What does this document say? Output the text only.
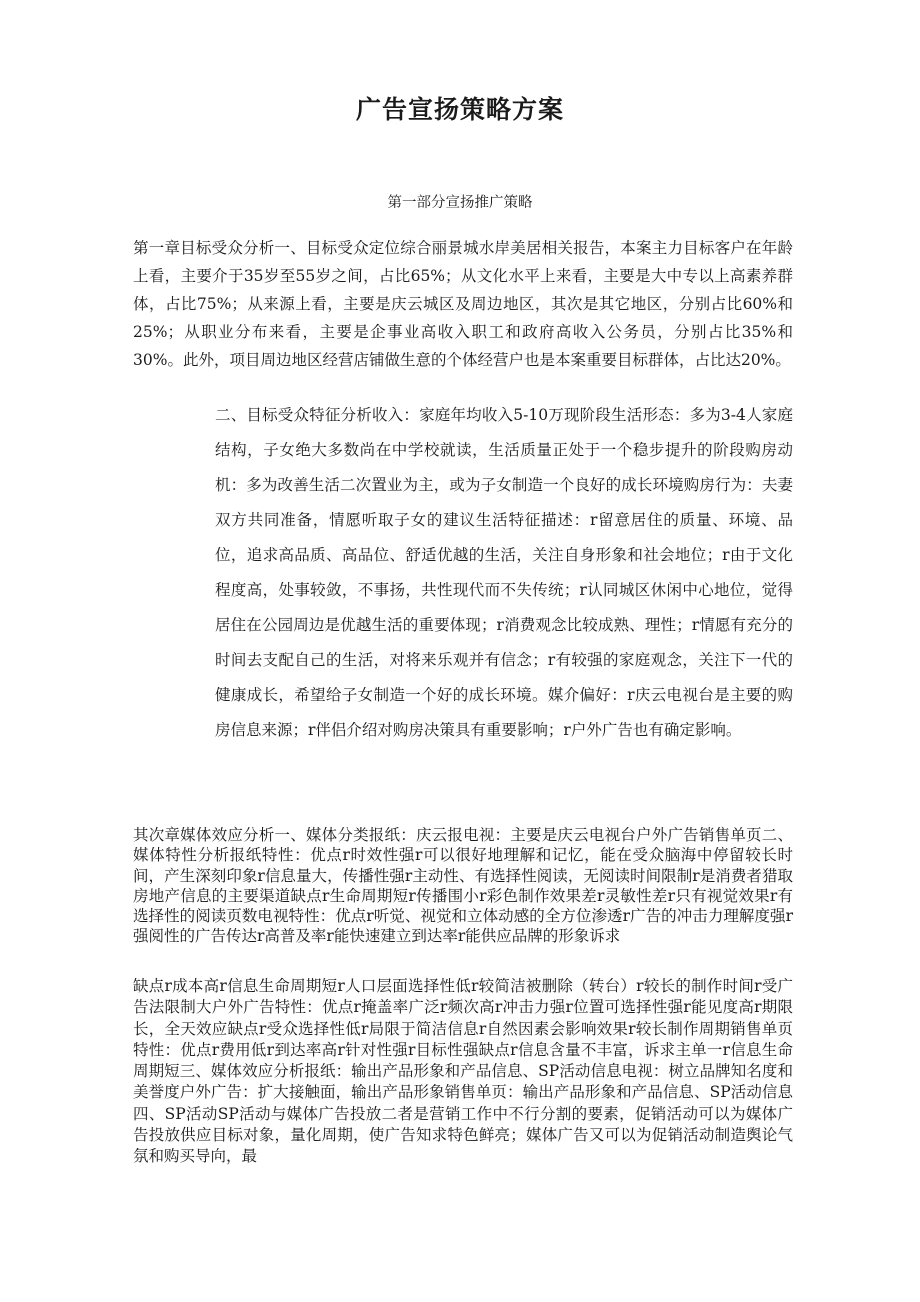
广告宣扬策略方案
第一部分宣扬推广策略

第一章目标受众分析一、目标受众定位综合丽景城水岸美居相关报告，本案主力目标客户在年龄上看，主要介于35岁至55岁之间，占比65%；从文化水平上来看，主要是大中专以上高素养群体，占比75%；从来源上看，主要是庆云城区及周边地区，其次是其它地区，分别占比60%和25%；从职业分布来看，主要是企事业高收入职工和政府高收入公务员，分别占比35%和30%。此外，项目周边地区经营店铺做生意的个体经营户也是本案重要目标群体，占比达20%。

二、目标受众特征分析收入：家庭年均收入5-10万现阶段生活形态：多为3-4人家庭结构，子女绝大多数尚在中学校就读，生活质量正处于一个稳步提升的阶段购房动机：多为改善生活二次置业为主，或为子女制造一个良好的成长环境购房行为：夫妻双方共同准备，情愿听取子女的建议生活特征描述：r留意居住的质量、环境、品位，追求高品质、高品位、舒适优越的生活，关注自身形象和社会地位；r由于文化程度高，处事较敛，不事扬，共性现代而不失传统；r认同城区休闲中心地位，觉得居住在公园周边是优越生活的重要体现；r消费观念比较成熟、理性；r情愿有充分的时间去支配自己的生活，对将来乐观并有信念；r有较强的家庭观念，关注下一代的健康成长，希望给子女制造一个好的成长环境。媒介偏好：r庆云电视台是主要的购房信息来源；r伴侣介绍对购房决策具有重要影响；r户外广告也有确定影响。

其次章媒体效应分析一、媒体分类报纸：庆云报电视：主要是庆云电视台户外广告销售单页二、媒体特性分析报纸特性：优点r时效性强r可以很好地理解和记忆，能在受众脑海中停留较长时间，产生深刻印象r信息量大，传播性强r主动性、有选择性阅读，无阅读时间限制r是消费者猎取房地产信息的主要渠道缺点r生命周期短r传播围小r彩色制作效果差r灵敏性差r只有视觉效果r有选择性的阅读页数电视特性：优点r听觉、视觉和立体动感的全方位渗透r广告的冲击力理解度强r强阅性的广告传达r高普及率r能快速建立到达率r能供应品牌的形象诉求

缺点r成本高r信息生命周期短r人口层面选择性低r较简洁被删除（转台）r较长的制作时间r受广告法限制大户外广告特性：优点r掩盖率广泛r频次高r冲击力强r位置可选择性强r能见度高r期限长，全天效应缺点r受众选择性低r局限于简洁信息r自然因素会影响效果r较长制作周期销售单页特性：优点r费用低r到达率高r针对性强r目标性强缺点r信息含量不丰富，诉求主单一r信息生命周期短三、媒体效应分析报纸：输出产品形象和产品信息、SP活动信息电视：树立品牌知名度和美誉度户外广告：扩大接触面，输出产品形象销售单页：输出产品形象和产品信息、SP活动信息四、SP活动SP活动与媒体广告投放二者是营销工作中不行分割的要素，促销活动可以为媒体广告投放供应目标对象，量化周期，使广告知求特色鲜亮；媒体广告又可以为促销活动制造舆论气氛和购买导向，最
